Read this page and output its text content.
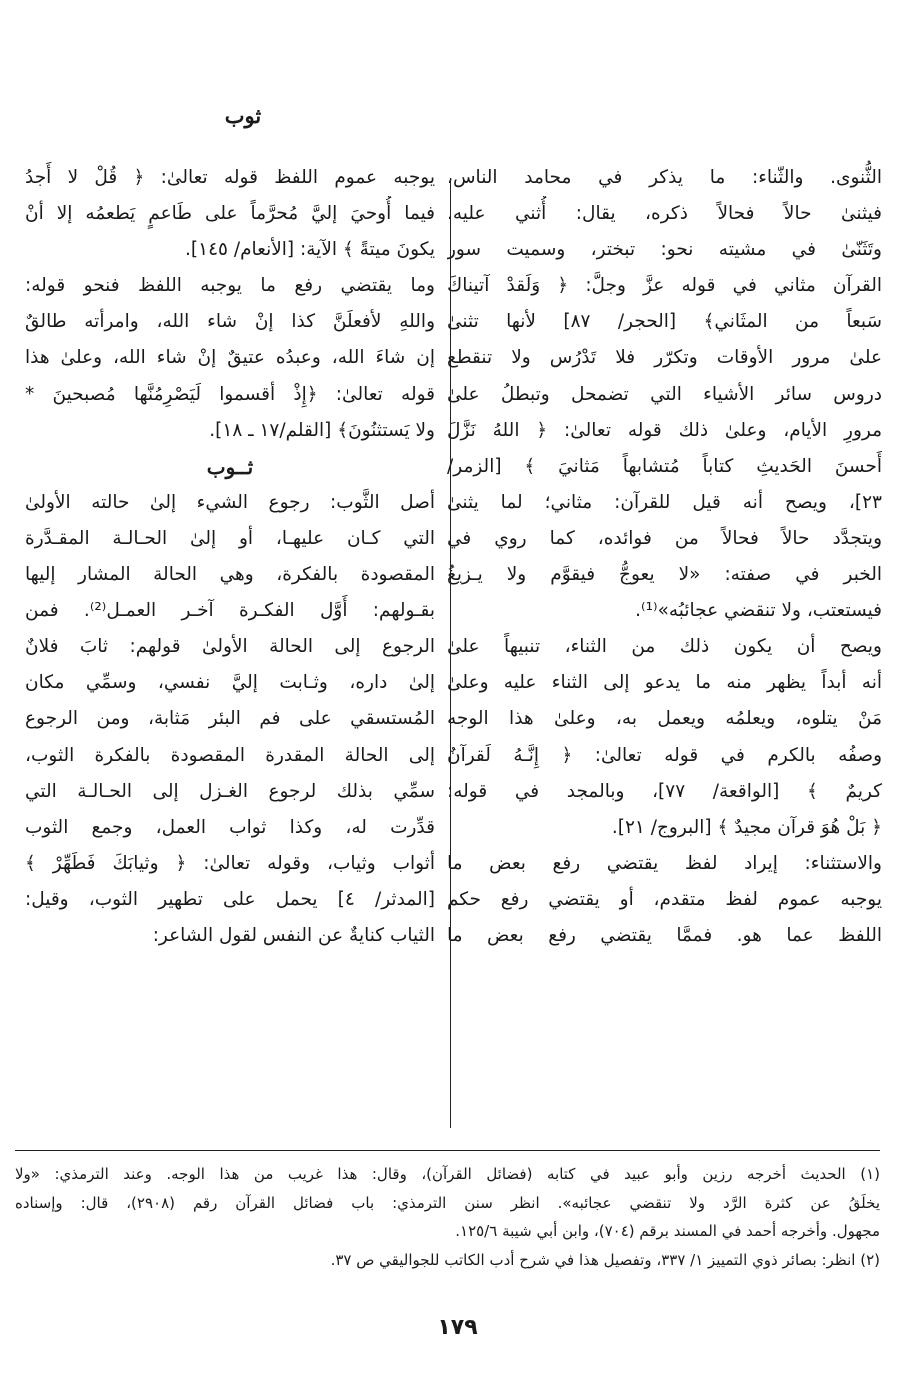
ثوب
الثُّنوى. والثّناء: ما يذكر في محامد الناس،
فيثنىٰ حالاً فحالاً ذكره، يقال: أُثني عليه.
وتَثَنّىٰ في مشيته نحو: تبختر، وسميت سور
القرآن مثاني في قوله عزَّ وجلَّ: ﴿ وَلَقدْ آتيناكَ
سَبعاً من المثَاني﴾ [الحجر/ ٨٧] لأنها تثنىٰ
علىٰ مرور الأوقات وتكرّر فلا تَدْرُس ولا تنقطع
دروس سائر الأشياء التي تضمحل وتبطلُ علىٰ
مرورِ الأيام، وعلىٰ ذلك قوله تعالىٰ: ﴿ اللهُ نَزَّلَ
أَحسنَ الحَديثِ كتاباً مُتشابهاً مَثانيَ ﴾ [الزمر/
٢٣]، ويصح أنه قيل للقرآن: مثاني؛ لما يثنىٰ
ويتجدَّد حالاً فحالاً من فوائده، كما روي في
الخبر في صفته: «لا يعوجُّ فيقوَّم ولا يـزيغُ
فيستعتب، ولا تنقضي عجائبُه»⁽¹⁾.
ويصح أن يكون ذلك من الثناء، تنبيهاً علىٰ
أنه أبداً يظهر منه ما يدعو إلى الثناء عليه وعلىٰ
مَنْ يتلوه، ويعلمُه ويعمل به، وعلىٰ هذا الوجه
وصفُه بالكرم في قوله تعالىٰ: ﴿ إِنَّـهُ لَقرآنٌ
كريمٌ ﴾ [الواقعة/ ٧٧]، وبالمجد في قوله:
﴿ بَلْ هُوَ قرآن مجيدٌ ﴾ [البروج/ ٢١].
والاستثناء: إيراد لفظ يقتضي رفع بعض ما
يوجبه عموم لفظ متقدم، أو يقتضي رفع حكم
اللفظ عما هو. فممَّا يقتضي رفع بعض ما
يوجبه عموم اللفظ قوله تعالىٰ: ﴿ قُلْ لا أَجدُ
فيما أُوحيَ إليَّ مُحرَّماً على طَاعمٍ يَطعمُه إلا أنْ
يكونَ ميتةً ﴾ الآية: [الأنعام/ ١٤٥].
وما يقتضي رفع ما يوجبه اللفظ فنحو قوله:
واللهِ لأفعلَنَّ كذا إنْ شاء الله، وامرأته طالقٌ
إن شاءَ الله، وعبدُه عتيقٌ إنْ شاء الله، وعلىٰ هذا
قوله تعالىٰ: ﴿إِذْ أقسموا لَيَصْرِمُنَّها مُصبحينَ *
ولا يَستثنُونَ﴾ [القلم/١٧ ـ ١٨].
ثــوب
أصل الثَّوب: رجوع الشيء إلىٰ حالته الأولىٰ
التي كـان عليهـا، أو إلىٰ الحـالـة المقـدَّرة
المقصودة بالفكرة، وهي الحالة المشار إليها
بقـولهم: أَوَّل الفكـرة آخـر العمـل⁽²⁾. فمن
الرجوع إلى الحالة الأولىٰ قولهم: ثابَ فلانٌ
إلىٰ داره، وثـابت إليَّ نفسي، وسمِّي مكان
المُستسقي على فم البئر مَثابة، ومن الرجوع
إلى الحالة المقدرة المقصودة بالفكرة الثوب،
سمِّي بذلك لرجوع الغـزل إلى الحـالـة التي
قدِّرت له، وكذا ثواب العمل، وجمع الثوب
أثواب وثياب، وقوله تعالىٰ: ﴿ وثيابَكَ فَطَهِّرْ ﴾
[المدثر/ ٤] يحمل على تطهير الثوب، وقيل:
الثياب كنايةٌ عن النفس لقول الشاعر:
(١) الحديث أخرجه رزين وأبو عبيد في كتابه (فضائل القرآن)، وقال: هذا غريب من هذا الوجه. وعند الترمذي: «ولا
يخلَقُ عن كثرة الرَّد ولا تنقضي عجائبه». انظر سنن الترمذي: باب فضائل القرآن رقم (٢٩٠٨)، قال: وإسناده
مجهول. وأخرجه أحمد في المسند برقم (٧٠٤)، وابن أبي شيبة ١٢٥/٦.
(٢) انظر: بصائر ذوي التمييز ١/ ٣٣٧، وتفصيل هذا في شرح أدب الكاتب للجواليقي ص ٣٧.
١٧٩
